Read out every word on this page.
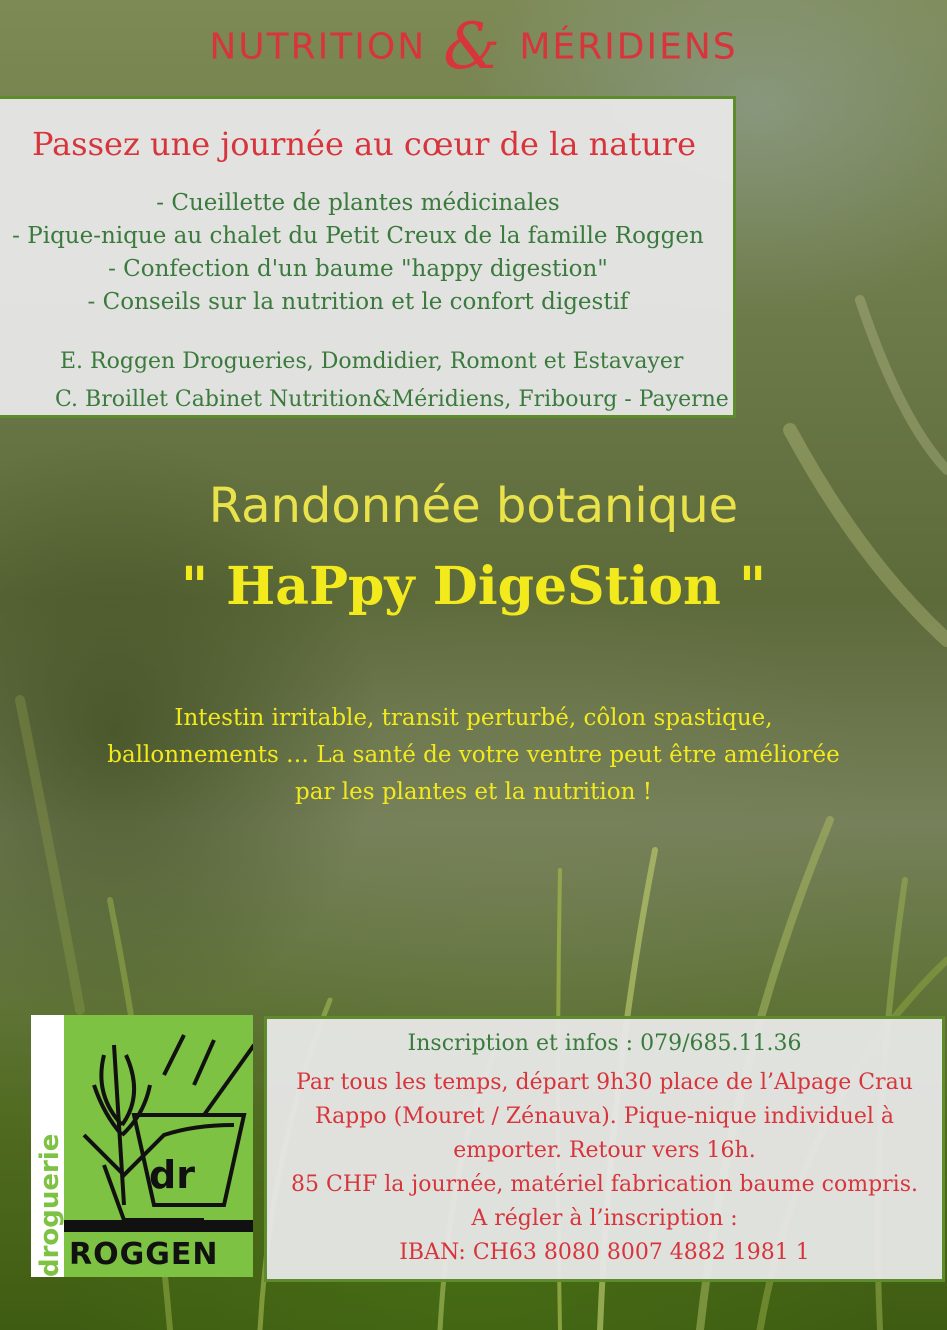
NUTRITION & MÉRIDIENS
Passez une journée au cœur de la nature
- Cueillette de plantes médicinales
- Pique-nique au chalet du Petit Creux de la famille Roggen
- Confection d'un baume "happy digestion"
- Conseils sur la nutrition et le confort digestif
E. Roggen Drogueries, Domdidier, Romont et Estavayer
C. Broillet Cabinet Nutrition&Méridiens, Fribourg - Payerne
Randonnée botanique
" HaPpy DigeStion "
Intestin irritable, transit perturbé, côlon spastique,
ballonnements … La santé de votre ventre peut être améliorée
par les plantes et la nutrition !
dr
ROGGEN
droguerie
Inscription et infos : 079/685.11.36
Par tous les temps, départ 9h30 place de l’Alpage Crau
Rappo (Mouret / Zénauva). Pique-nique individuel à
emporter. Retour vers 16h.
85 CHF la journée, matériel fabrication baume compris.
A régler à l’inscription :
IBAN: CH63 8080 8007 4882 1981 1
